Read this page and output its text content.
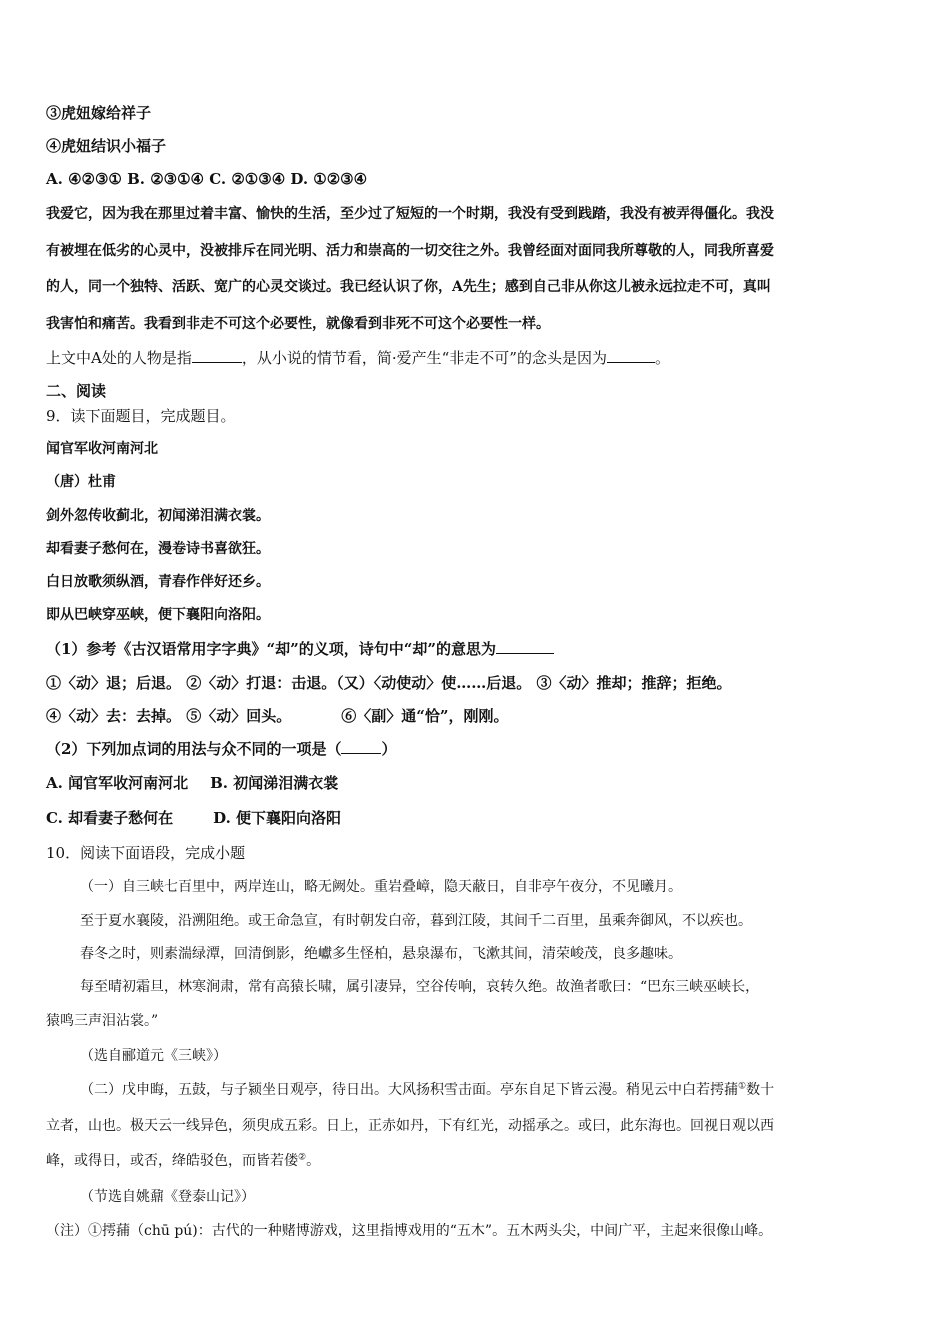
③虎妞嫁给祥子
④虎妞结识小福子
A. ④②③① B. ②③①④ C. ②①③④ D. ①②③④
我爱它，因为我在那里过着丰富、愉快的生活，至少过了短短的一个时期，我没有受到践踏，我没有被弄得僵化。我没
有被埋在低劣的心灵中，没被排斥在同光明、活力和崇高的一切交往之外。我曾经面对面同我所尊敬的人，同我所喜爱
的人，同一个独特、活跃、宽广的心灵交谈过。我已经认识了你，A先生；感到自己非从你这儿被永远拉走不可，真叫
我害怕和痛苦。我看到非走不可这个必要性，就像看到非死不可这个必要性一样。
上文中A处的人物是指	，从小说的情节看，简·爱产生“非走不可”的念头是因为	。
二、阅读
9．读下面题目，完成题目。
闻官军收河南河北
（唐）杜甫
剑外忽传收蓟北，初闻涕泪满衣裳。
却看妻子愁何在，漫卷诗书喜欲狂。
白日放歌须纵酒，青春作伴好还乡。
即从巴峡穿巫峡，便下襄阳向洛阳。
（1）参考《古汉语常用字字典》“却”的义项，诗句中“却”的意思为
①〈动〉退；后退。 ②〈动〉打退：击退。（又）〈动使动〉使……后退。 ③〈动〉推却；推辞；拒绝。
④〈动〉去：去掉。 ⑤〈动〉回头。	⑥〈副〉通“恰”，刚刚。
（2）下列加点词的用法与众不同的一项是（	）
A. 闻官军收河南河北 B. 初闻涕泪满衣裳
C. 却看妻子愁何在	D. 便下襄阳向洛阳
10．阅读下面语段，完成小题
（一）自三峡七百里中，两岸连山，略无阙处。重岩叠嶂，隐天蔽日，自非亭午夜分，不见曦月。
至于夏水襄陵，沿溯阻绝。或王命急宣，有时朝发白帝，暮到江陵，其间千二百里，虽乘奔御风，不以疾也。
春冬之时，则素湍绿潭，回清倒影，绝巘多生怪柏，悬泉瀑布，飞漱其间，清荣峻茂，良多趣味。
每至晴初霜旦，林寒涧肃，常有高猿长啸，属引凄异，空谷传响，哀转久绝。故渔者歌曰：“巴东三峡巫峡长，
猿鸣三声泪沾裳。”
（选自郦道元《三峡》）
（二）戊申晦，五鼓，与子颍坐日观亭，待日出。大风扬积雪击面。亭东自足下皆云漫。稍见云中白若摴蒱①数十
立者，山也。极天云一线异色，须臾成五彩。日上，正赤如丹，下有红光，动摇承之。或曰，此东海也。回视日观以西
峰，或得日，或否，绛皓驳色，而皆若偻②。
（节选自姚鼐《登泰山记》）
（注）①摴蒱（chū pú)：古代的一种赌博游戏，这里指博戏用的“五木”。五木两头尖，中间广平，主起来很像山峰。
